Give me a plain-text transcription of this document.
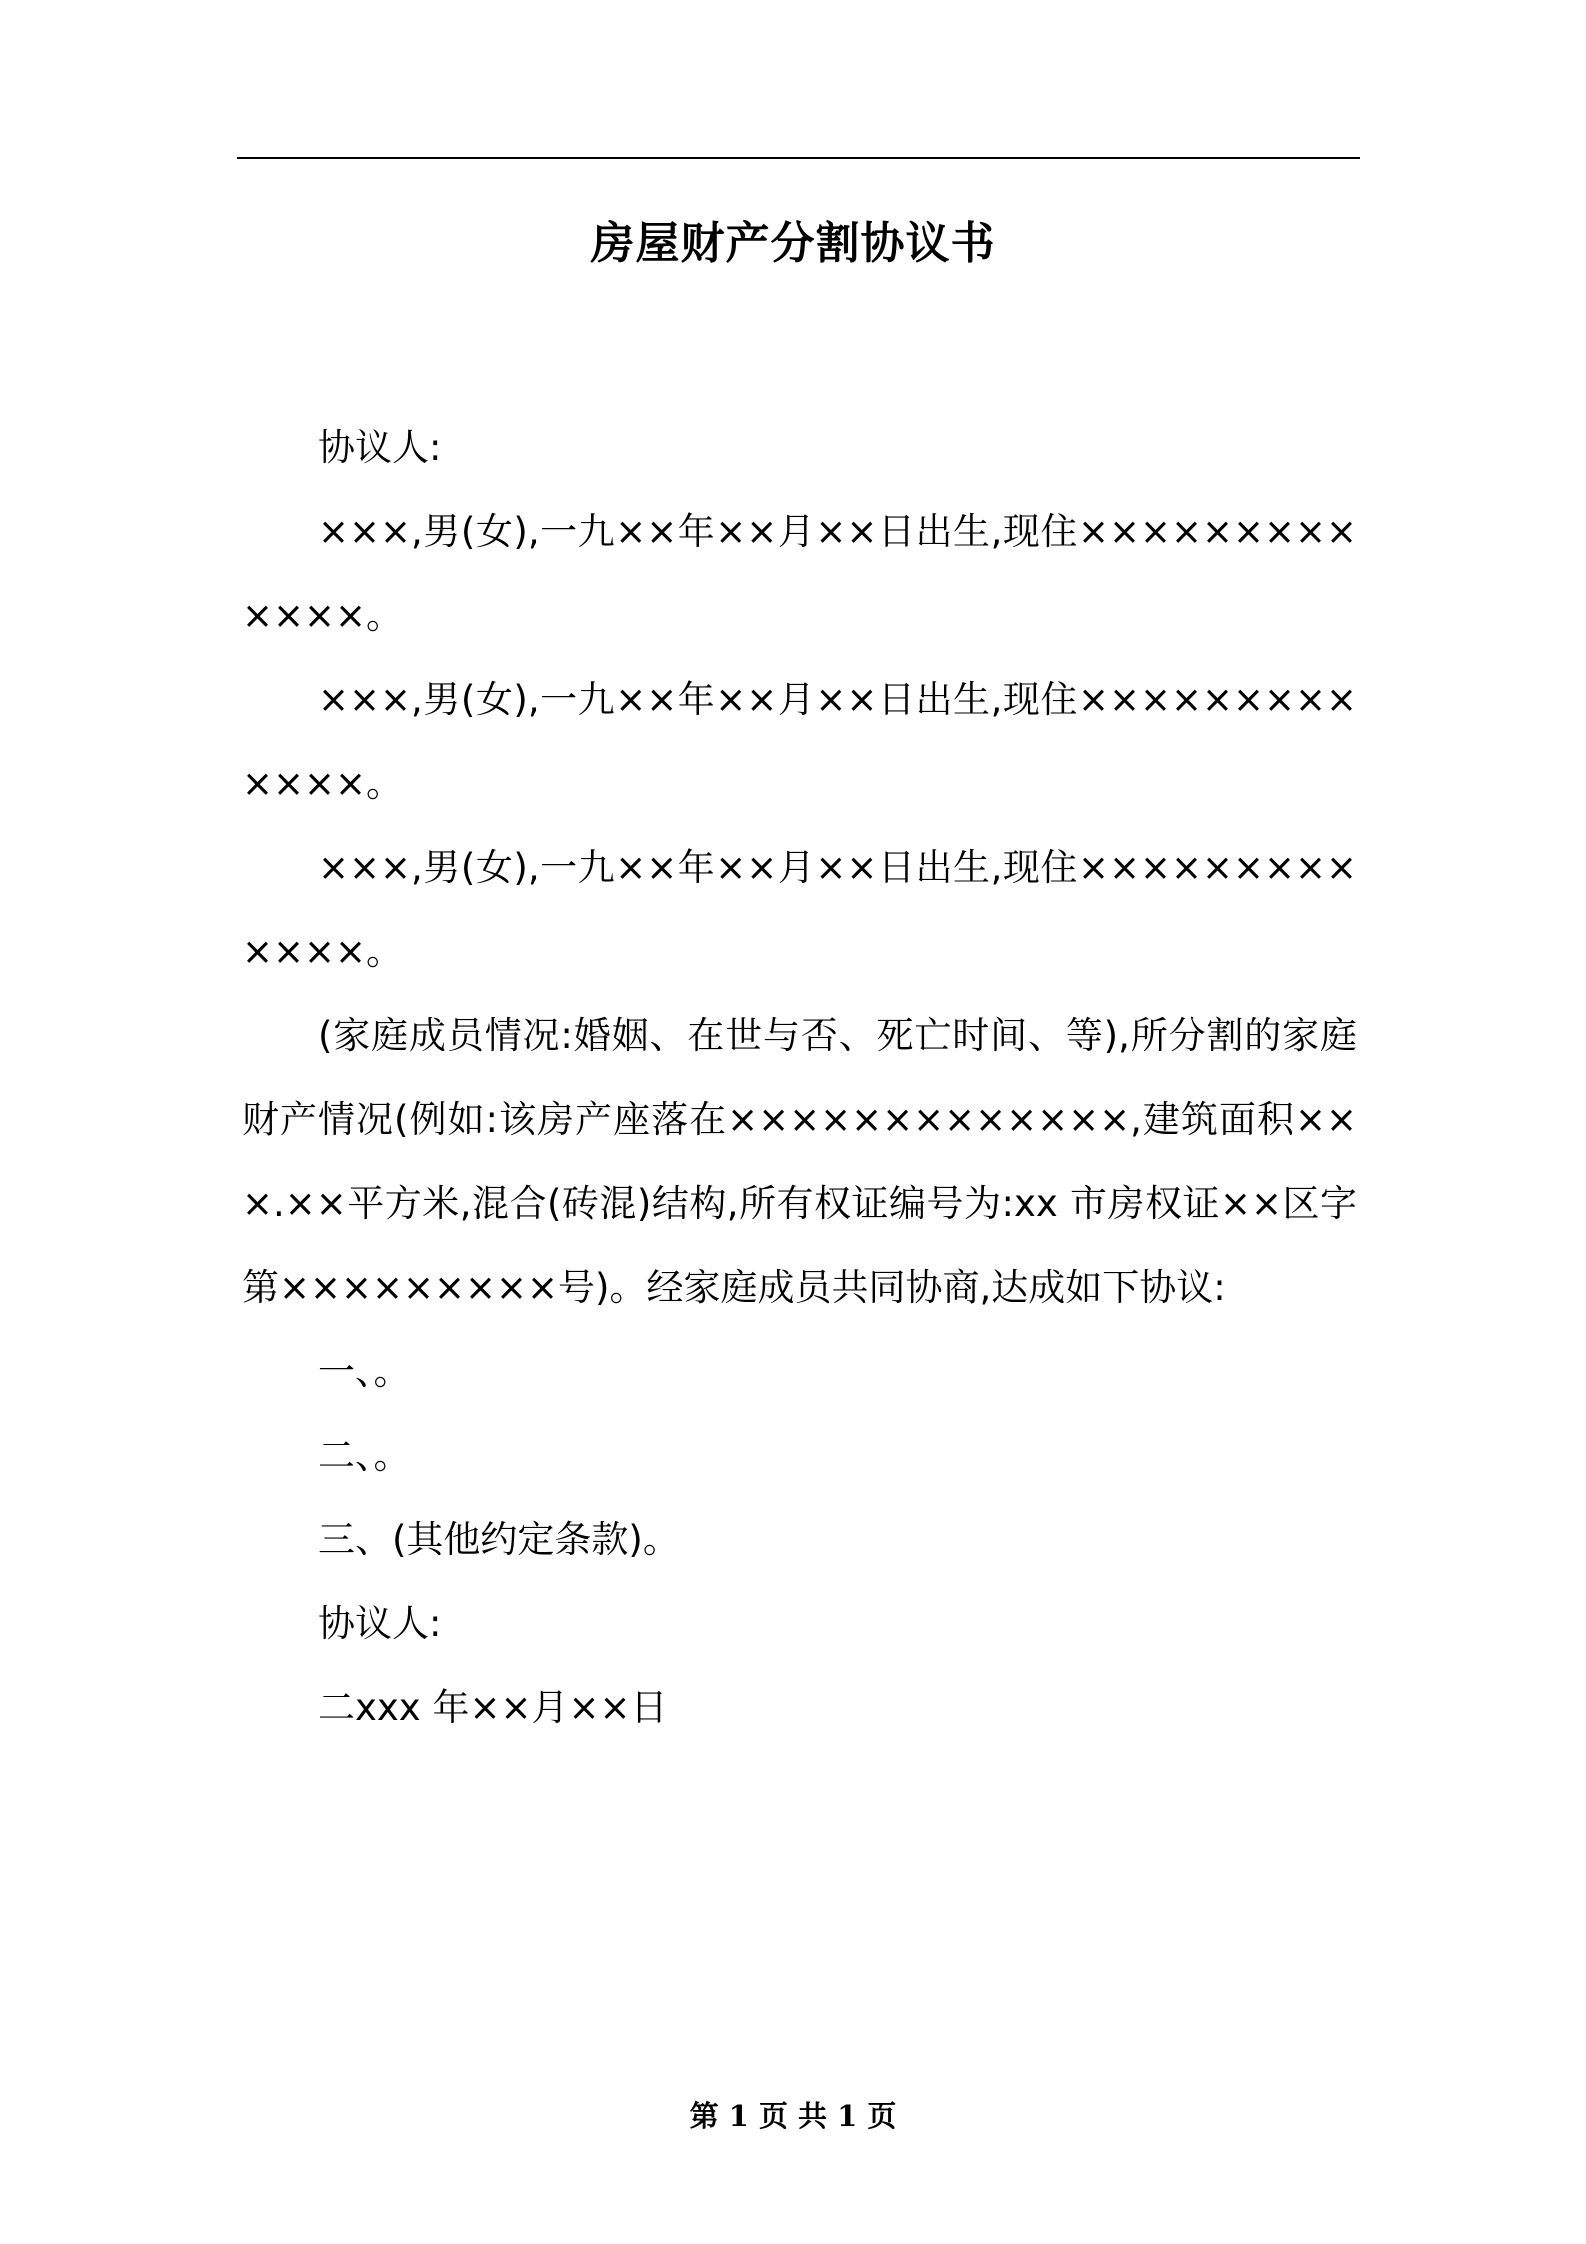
房屋财产分割协议书

协议人:

×××,男(女),一九××年××月××日出生,现住×××××××××××××。

×××,男(女),一九××年××月××日出生,现住×××××××××××××。

×××,男(女),一九××年××月××日出生,现住×××××××××××××。

(家庭成员情况:婚姻、在世与否、死亡时间、等),所分割的家庭财产情况(例如:该房产座落在×××××××××××××,建筑面积×××.××平方米,混合(砖混)结构,所有权证编号为:xx 市房权证××区字第×××××××××号)。经家庭成员共同协商,达成如下协议:

一、。

二、。

三、(其他约定条款)。

协议人:

二xxx 年××月××日

第 1 页 共 1 页
